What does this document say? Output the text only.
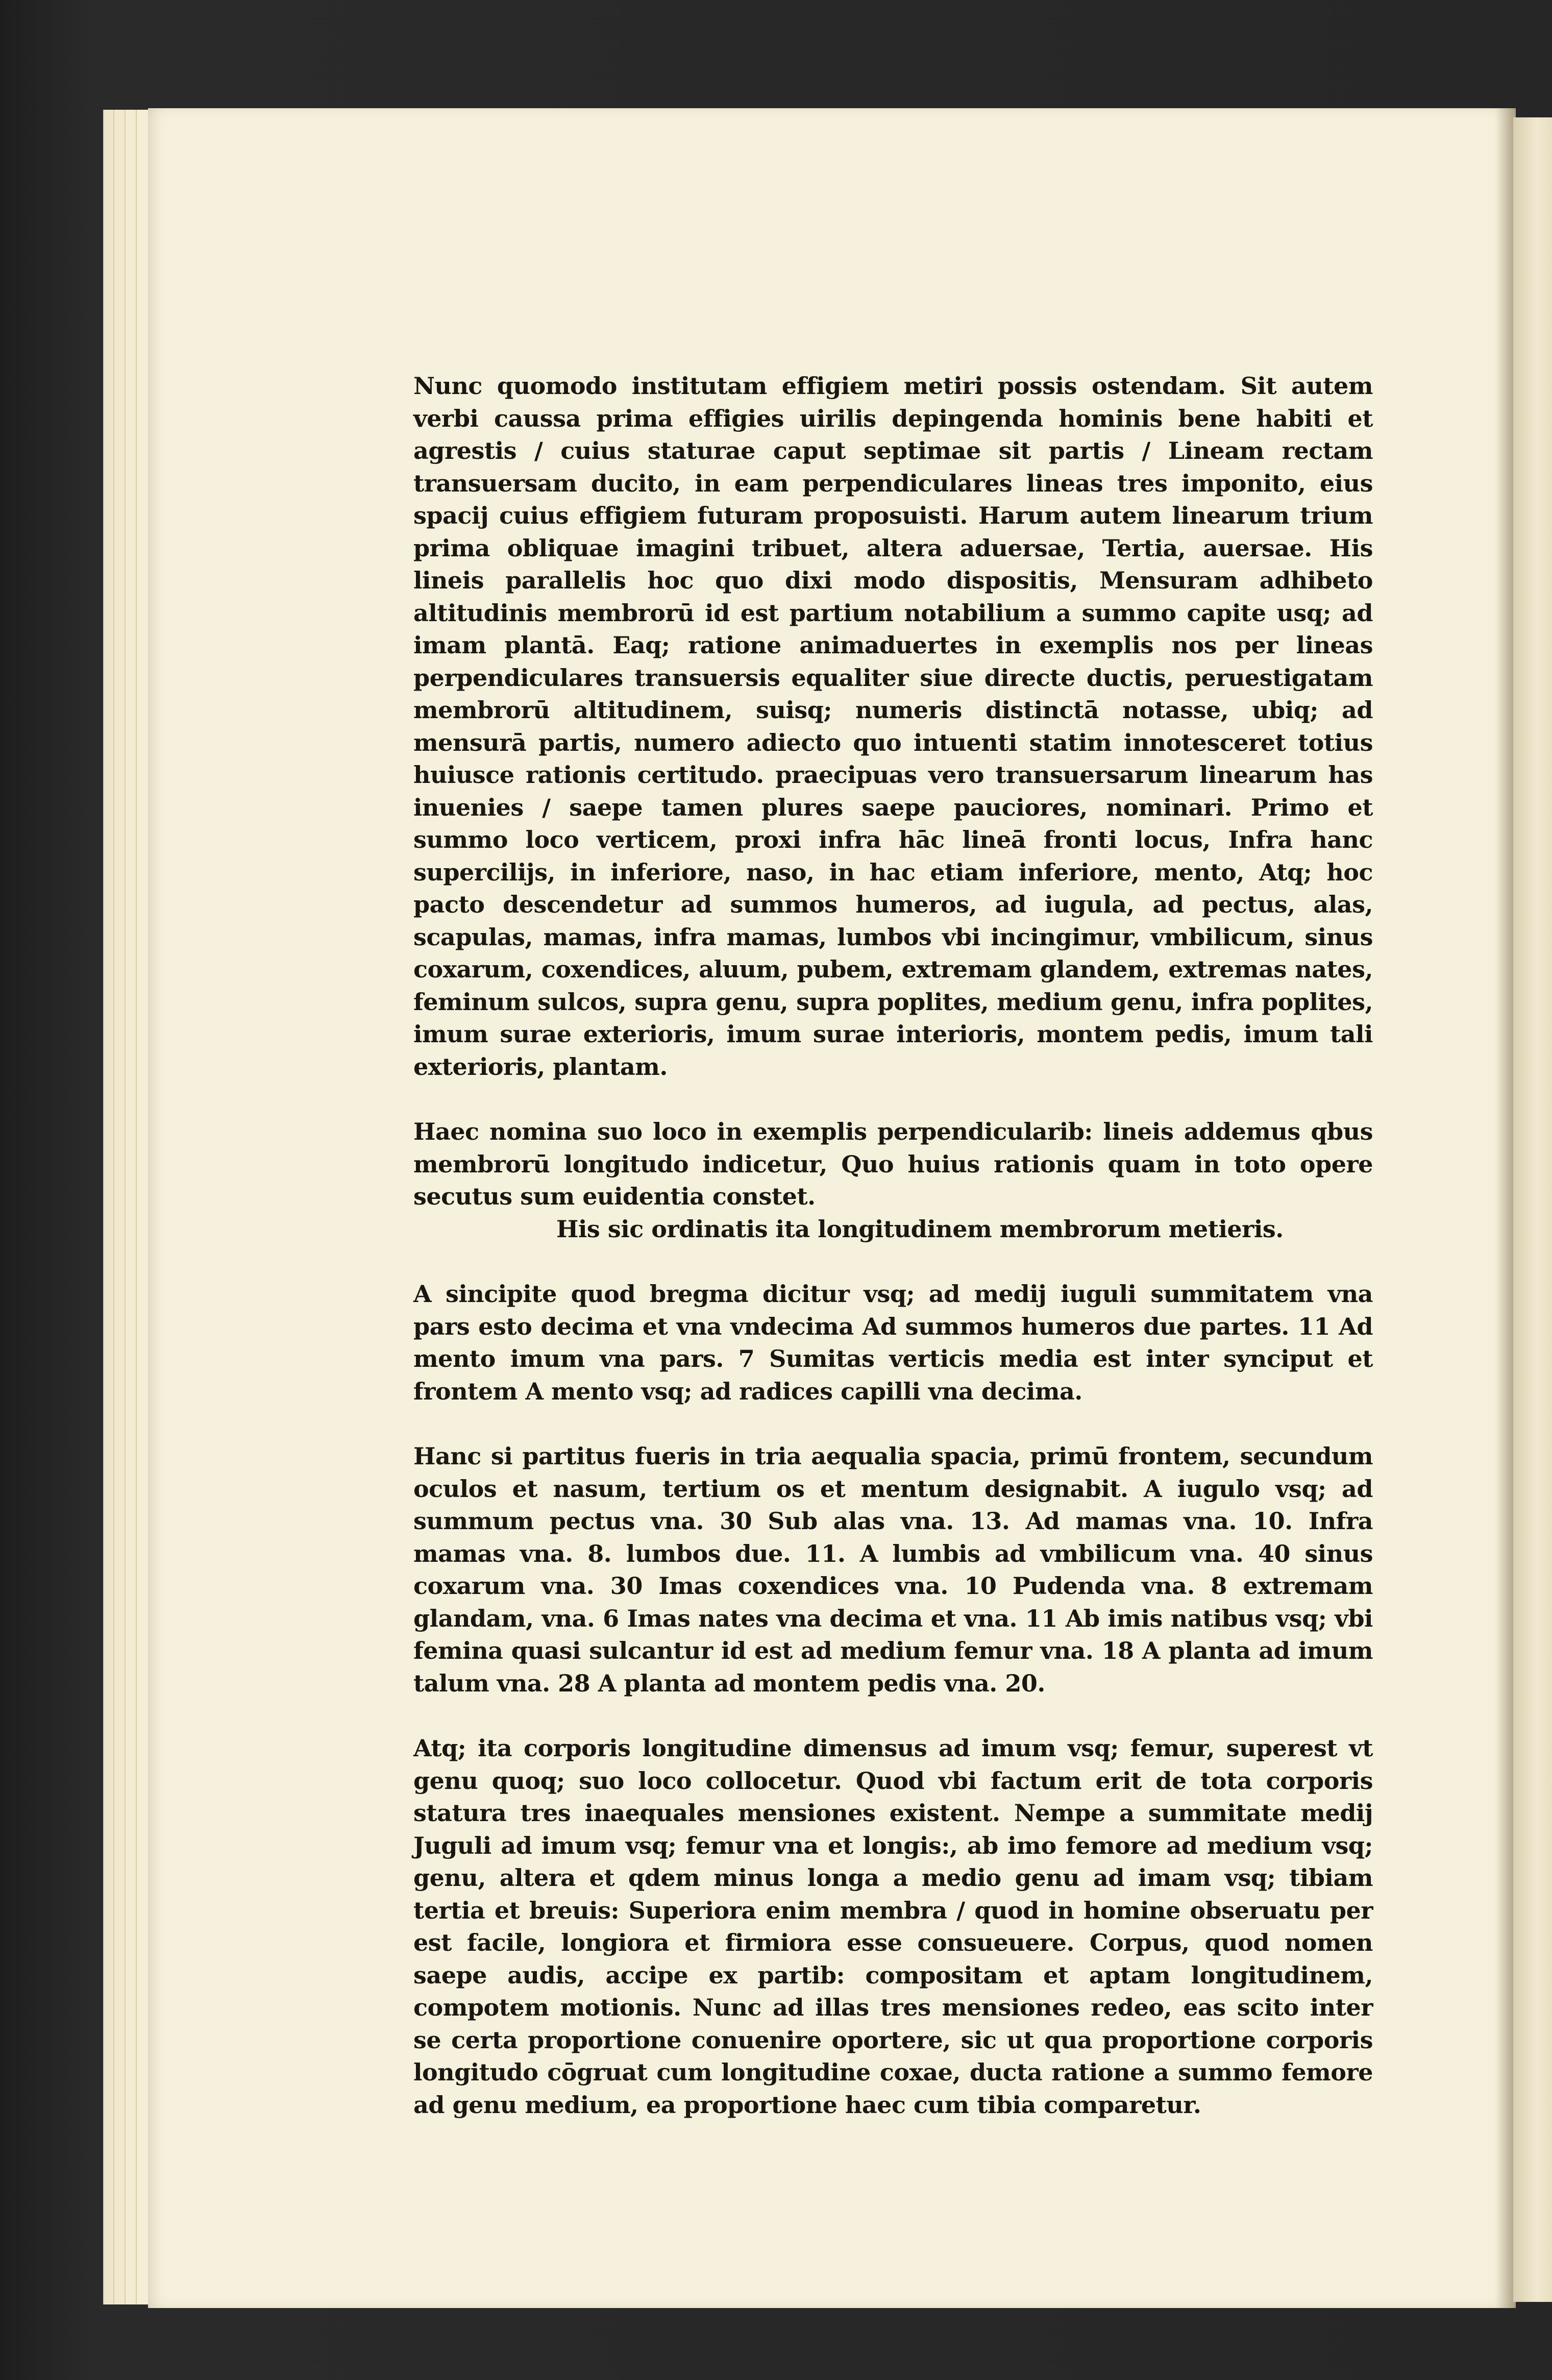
Nunc quomodo institutam effigiem metiri possis ostendam. Sit autem verbi caussa prima effigies uirilis depingenda hominis bene habiti et agrestis / cuius staturae caput septimae sit partis / Lineam rectam transuersam ducito, in eam perpendiculares lineas tres imponito, eius spacij cuius effigiem futuram proposuisti. Harum autem linearum trium prima obliquae imagini tribuet, altera aduersae, Tertia, auersae. His lineis parallelis hoc quo dixi modo dispositis, Mensuram adhibeto altitudinis membrorū id est partium notabilium a summo capite usq; ad imam plantā. Eaq; ratione animaduertes in exemplis nos per lineas perpendiculares transuersis equaliter siue directe ductis, peruestigatam membrorū altitudinem, suisq; numeris distinctā notasse, ubiq; ad mensurā partis, numero adiecto quo intuenti statim innotesceret totius huiusce rationis certitudo. praecipuas vero transuersarum linearum has inuenies / saepe tamen plures saepe pauciores, nominari. Primo et summo loco verticem, proxi infra hāc lineā fronti locus, Infra hanc supercilijs, in inferiore, naso, in hac etiam inferiore, mento, Atq; hoc pacto descendetur ad summos humeros, ad iugula, ad pectus, alas, scapulas, mamas, infra mamas, lumbos vbi incingimur, vmbilicum, sinus coxarum, coxendices, aluum, pubem, extremam glandem, extremas nates, feminum sulcos, supra genu, supra poplites, medium genu, infra poplites, imum surae exterioris, imum surae interioris, montem pedis, imum tali exterioris, plantam.

Haec nomina suo loco in exemplis perpendicularib: lineis addemus qbus membrorū longitudo indicetur, Quo huius rationis quam in toto opere secutus sum euidentia constet.

His sic ordinatis ita longitudinem membrorum metieris.

A sincipite quod bregma dicitur vsq; ad medij iuguli summitatem vna pars esto decima et vna vndecima Ad summos humeros due partes. 11 Ad mento imum vna pars. 7 Sumitas verticis media est inter synciput et frontem A mento vsq; ad radices capilli vna decima.

Hanc si partitus fueris in tria aequalia spacia, primū frontem, secundum oculos et nasum, tertium os et mentum designabit. A iugulo vsq; ad summum pectus vna. 30 Sub alas vna. 13. Ad mamas vna. 10. Infra mamas vna. 8. lumbos due. 11. A lumbis ad vmbilicum vna. 40 sinus coxarum vna. 30 Imas coxendices vna. 10 Pudenda vna. 8 extremam glandam, vna. 6 Imas nates vna decima et vna. 11 Ab imis natibus vsq; vbi femina quasi sulcantur id est ad medium femur vna. 18 A planta ad imum talum vna. 28 A planta ad montem pedis vna. 20.

Atq; ita corporis longitudine dimensus ad imum vsq; femur, superest vt genu quoq; suo loco collocetur. Quod vbi factum erit de tota corporis statura tres inaequales mensiones existent. Nempe a summitate medij Juguli ad imum vsq; femur vna et longis:, ab imo femore ad medium vsq; genu, altera et qdem minus longa a medio genu ad imam vsq; tibiam tertia et breuis: Superiora enim membra / quod in homine obseruatu per est facile, longiora et firmiora esse consueuere. Corpus, quod nomen saepe audis, accipe ex partib: compositam et aptam longitudinem, compotem motionis. Nunc ad illas tres mensiones redeo, eas scito inter se certa proportione conuenire oportere, sic ut qua proportione corporis longitudo cōgruat cum longitudine coxae, ducta ratione a summo femore ad genu medium, ea proportione haec cum tibia comparetur.
